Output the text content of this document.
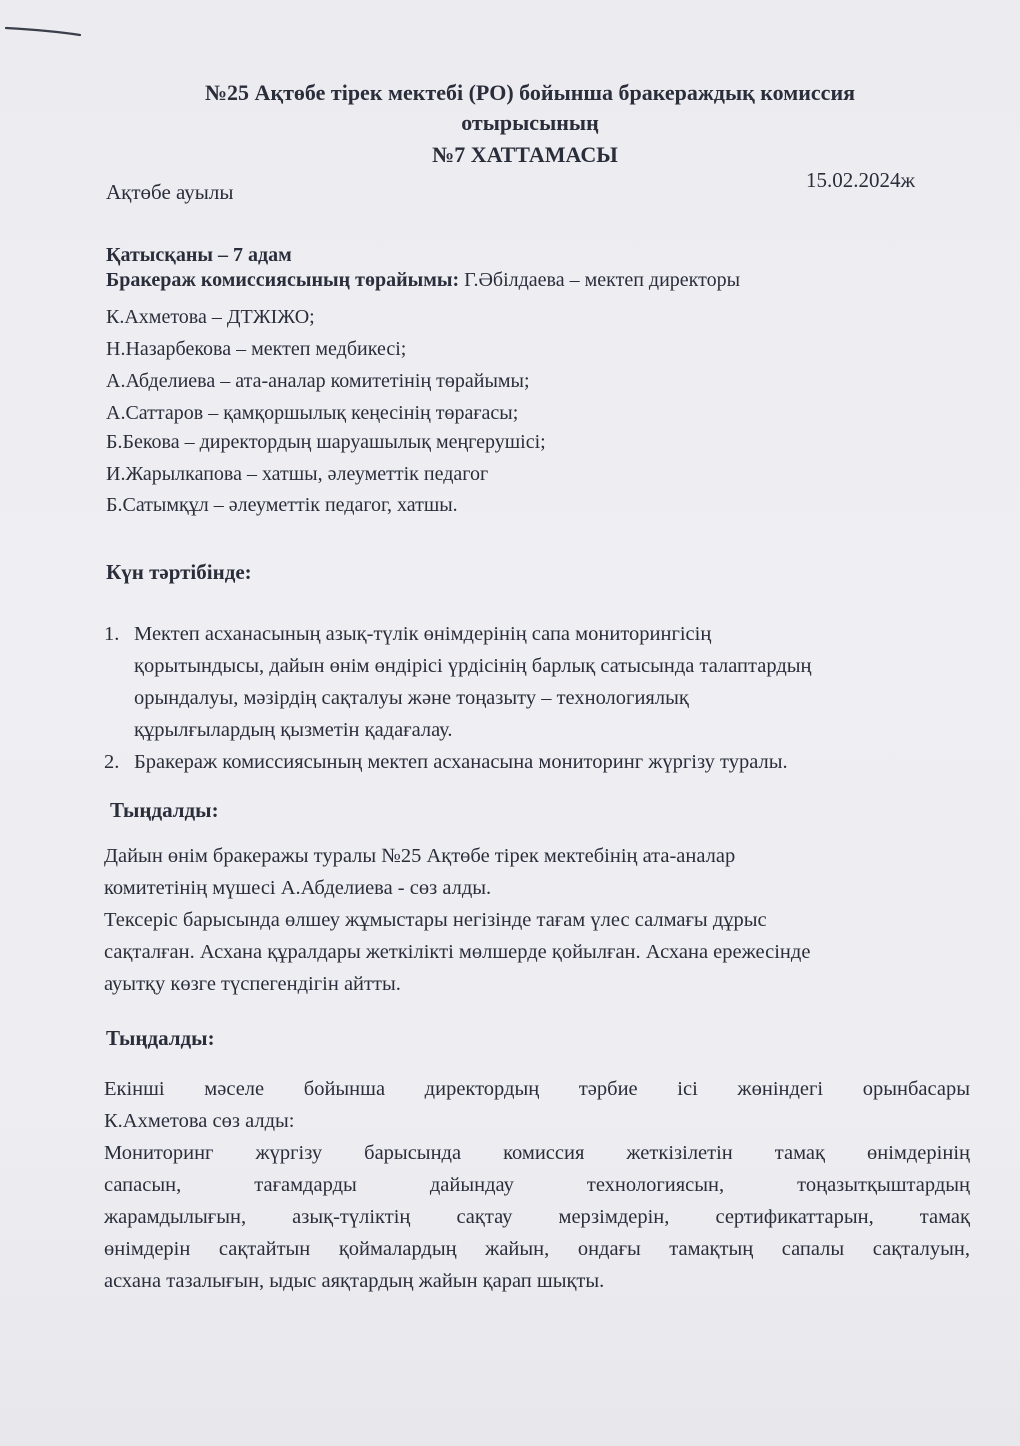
№25 Ақтөбе тірек мектебі (РО) бойынша бракераждық комиссия
отырысының
№7 ХАТТАМАСЫ
Ақтөбе ауылы	15.02.2024ж
Қатысқаны – 7 адам
Бракераж комиссиясының төрайымы: Г.Әбілдаева – мектеп директоры
К.Ахметова – ДТЖІЖО;
Н.Назарбекова – мектеп медбикесі;
А.Абделиева – ата-аналар комитетінің төрайымы;
А.Саттаров – қамқоршылық кеңесінің төрағасы;
Б.Бекова – директордың шаруашылық меңгерушісі;
И.Жарылкапова – хатшы, әлеуметтік педагог
Б.Сатымқұл – әлеуметтік педагог, хатшы.
Күн тәртібінде:
1. Мектеп асханасының азық-түлік өнімдерінің сапа мониторингісің
қорытындысы, дайын өнім өндірісі үрдісінің барлық сатысында талаптардың
орындалуы, мәзірдің сақталуы және тоңазыту – технологиялық
құрылғылардың қызметін қадағалау.
2. Бракераж комиссиясының мектеп асханасына мониторинг жүргізу туралы.
Тыңдалды:
Дайын өнім бракеражы туралы №25 Ақтөбе тірек мектебінің ата-аналар
комитетінің мүшесі А.Абделиева - сөз алды.
Тексеріс барысында өлшеу жұмыстары негізінде тағам үлес салмағы дұрыс
сақталған. Асхана құралдары жеткілікті мөлшерде қойылған. Асхана ережесінде
ауытқу көзге түспегендігін айтты.
Тыңдалды:
Екінші мәселе бойынша директордың тәрбие ісі жөніндегі орынбасары
К.Ахметова сөз алды:
Мониторинг жүргізу барысында комиссия жеткізілетін тамақ өнімдерінің
сапасын, тағамдарды дайындау технологиясын, тоңазытқыштардың
жарамдылығын, азық-түліктің сақтау мерзімдерін, сертификаттарын, тамақ
өнімдерін сақтайтын қоймалардың жайын, ондағы тамақтың сапалы сақталуын,
асхана тазалығын, ыдыс аяқтардың жайын қарап шықты.
